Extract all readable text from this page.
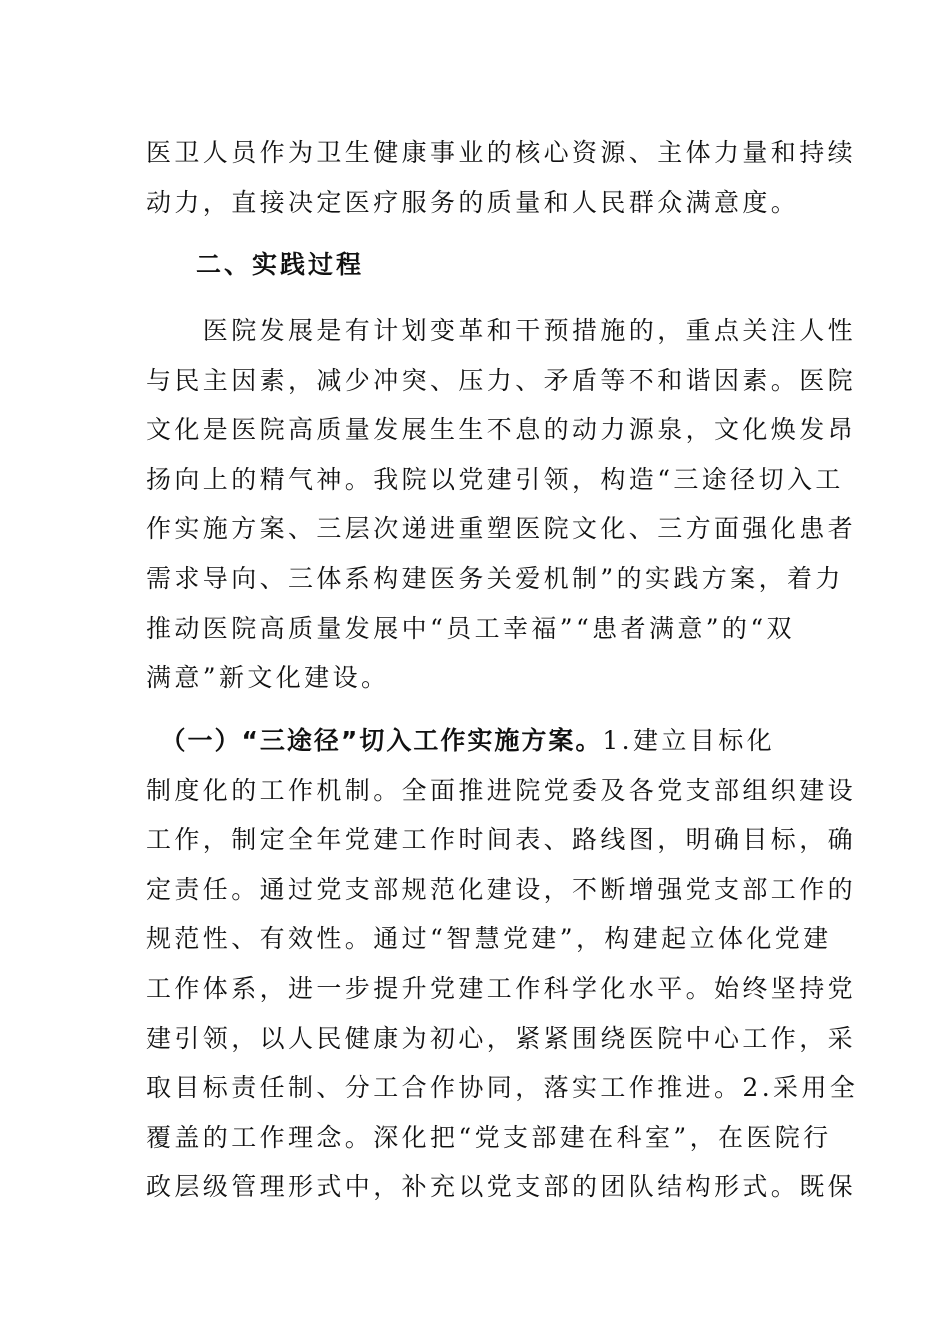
医卫人员作为卫生健康事业的核心资源、主体力量和持续
动力，直接决定医疗服务的质量和人民群众满意度。
二、实践过程
　　医院发展是有计划变革和干预措施的，重点关注人性
与民主因素，减少冲突、压力、矛盾等不和谐因素。医院
文化是医院高质量发展生生不息的动力源泉，文化焕发昂
扬向上的精气神。我院以党建引领，构造“三途径切入工
作实施方案、三层次递进重塑医院文化、三方面强化患者
需求导向、三体系构建医务关爱机制”的实践方案，着力
推动医院高质量发展中“员工幸福”“患者满意”的“双
满意”新文化建设。
　（一）“三途径”切入工作实施方案。1.建立目标化
制度化的工作机制。全面推进院党委及各党支部组织建设
工作，制定全年党建工作时间表、路线图，明确目标，确
定责任。通过党支部规范化建设，不断增强党支部工作的
规范性、有效性。通过“智慧党建”，构建起立体化党建
工作体系，进一步提升党建工作科学化水平。始终坚持党
建引领，以人民健康为初心，紧紧围绕医院中心工作，采
取目标责任制、分工合作协同，落实工作推进。2.采用全
覆盖的工作理念。深化把“党支部建在科室”，在医院行
政层级管理形式中，补充以党支部的团队结构形式。既保
